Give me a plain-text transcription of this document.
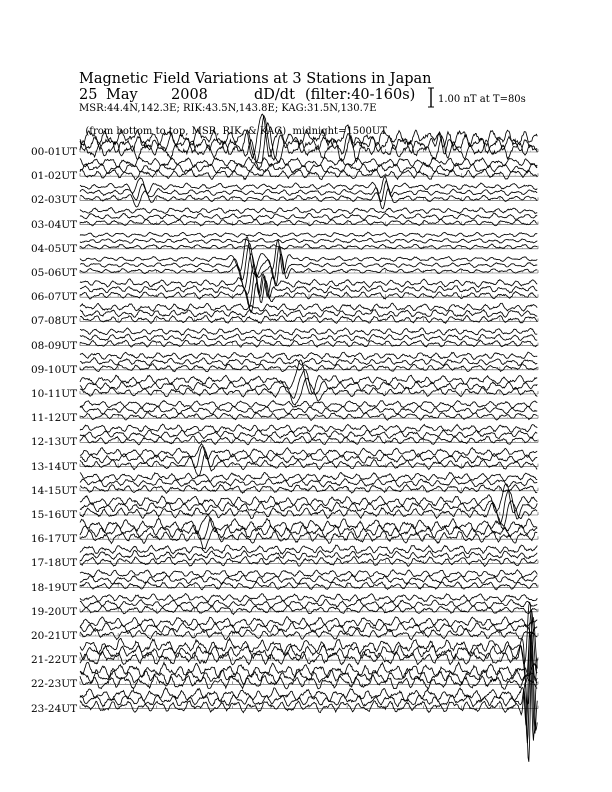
Magnetic Field Variations at 3 Stations in Japan

25

May

2008

	dD/dt

(filter:40-160s)

MSR:44.4N,142.3E; RIK:43.5N,143.8E; KAG:31.5N,130.7E

(from bottom to top, MSR, RIK, & KAG) midnight=1500UT

1.00 nT at T=80s
00-01UT
01-02UT
02-03UT
03-04UT
04-05UT
05-06UT
06-07UT
07-08UT
08-09UT
09-10UT
10-11UT
11-12UT
12-13UT
13-14UT
14-15UT
15-16UT
16-17UT
17-18UT
18-19UT
19-20UT
20-21UT
21-22UT
22-23UT
23-24UT
